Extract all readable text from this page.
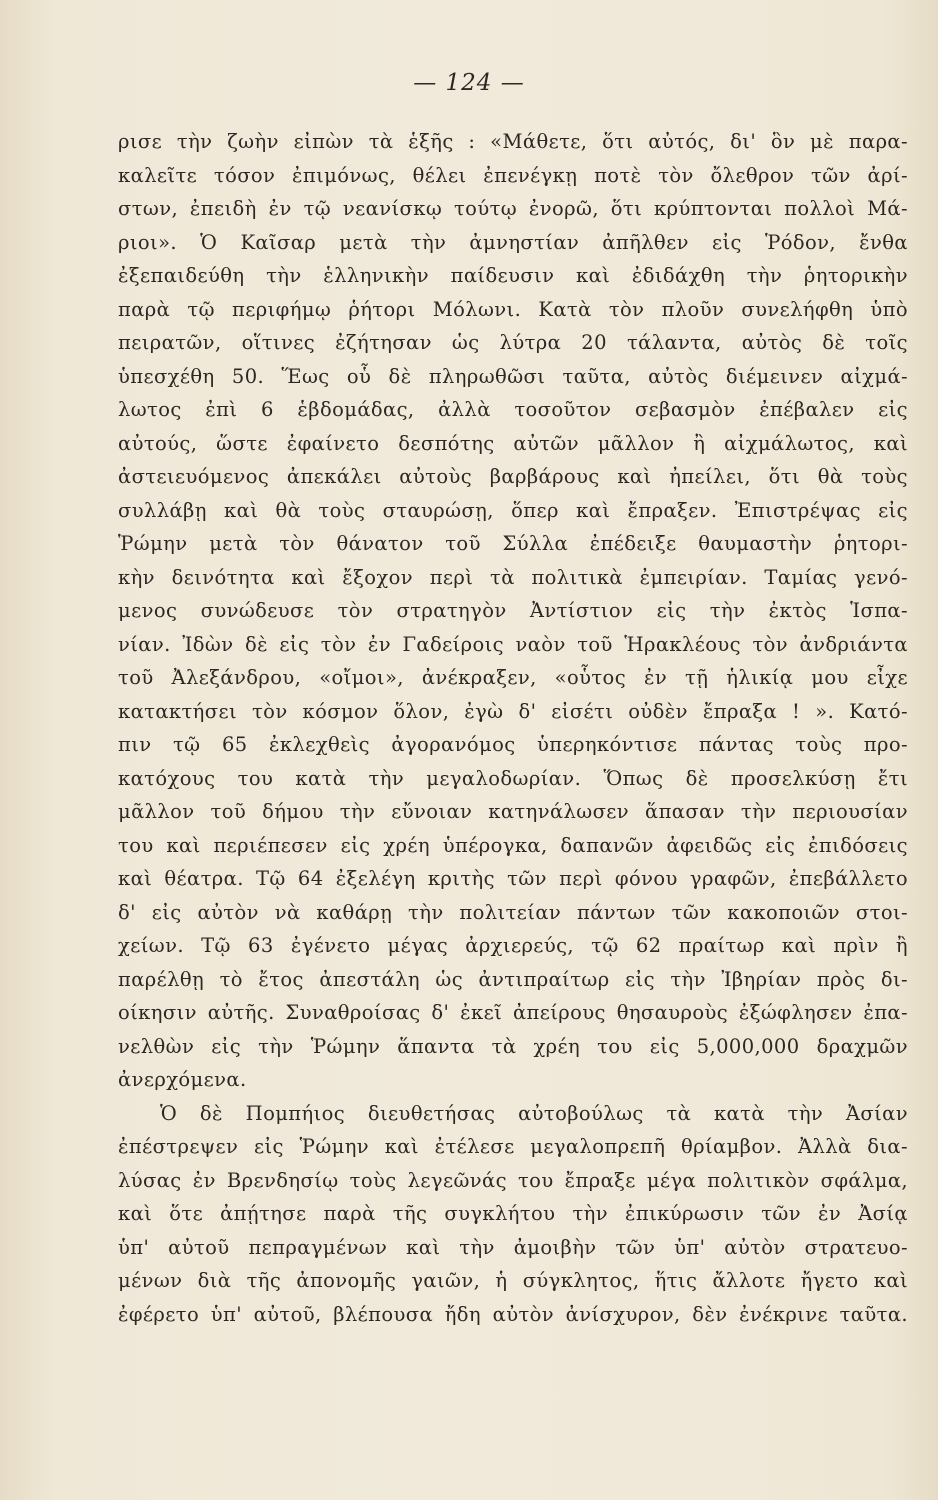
— 124 —
ρισε τὴν ζωὴν εἰπὼν τὰ ἑξῆς : «Μάθετε, ὅτι αὐτός, δι' ὃν μὲ παρα-
καλεῖτε τόσον ἐπιμόνως, θέλει ἐπενέγκῃ ποτὲ τὸν ὄλεθρον τῶν ἀρί-
στων, ἐπειδὴ ἐν τῷ νεανίσκῳ τούτῳ ἐνορῶ, ὅτι κρύπτονται πολλοὶ Μά-
ριοι». Ὁ Καῖσαρ μετὰ τὴν ἀμνηστίαν ἀπῆλθεν εἰς Ῥόδον, ἔνθα
ἐξεπαιδεύθη τὴν ἑλληνικὴν παίδευσιν καὶ ἐδιδάχθη τὴν ῥητορικὴν
παρὰ τῷ περιφήμῳ ῥήτορι Μόλωνι. Κατὰ τὸν πλοῦν συνελήφθη ὑπὸ
πειρατῶν, οἵτινες ἐζήτησαν ὡς λύτρα 20 τάλαντα, αὐτὸς δὲ τοῖς
ὑπεσχέθη 50. Ἕως οὗ δὲ πληρωθῶσι ταῦτα, αὐτὸς διέμεινεν αἰχμά-
λωτος ἐπὶ 6 ἑβδομάδας, ἀλλὰ τοσοῦτον σεβασμὸν ἐπέβαλεν εἰς
αὐτούς, ὥστε ἐφαίνετο δεσπότης αὐτῶν μᾶλλον ἢ αἰχμάλωτος, καὶ
ἀστειευόμενος ἀπεκάλει αὐτοὺς βαρβάρους καὶ ἠπείλει, ὅτι θὰ τοὺς
συλλάβῃ καὶ θὰ τοὺς σταυρώσῃ, ὅπερ καὶ ἔπραξεν. Ἐπιστρέψας εἰς
Ῥώμην μετὰ τὸν θάνατον τοῦ Σύλλα ἐπέδειξε θαυμαστὴν ῥητορι-
κὴν δεινότητα καὶ ἔξοχον περὶ τὰ πολιτικὰ ἐμπειρίαν. Ταμίας γενό-
μενος συνώδευσε τὸν στρατηγὸν Ἀντίστιον εἰς τὴν ἐκτὸς Ἱσπα-
νίαν. Ἰδὼν δὲ εἰς τὸν ἐν Γαδείροις ναὸν τοῦ Ἡρακλέους τὸν ἀνδριάντα
τοῦ Ἀλεξάνδρου, «οἴμοι», ἀνέκραξεν, «οὗτος ἐν τῇ ἡλικίᾳ μου εἶχε
κατακτήσει τὸν κόσμον ὅλον, ἐγὼ δ' εἰσέτι οὐδὲν ἔπραξα ! ». Κατό-
πιν τῷ 65 ἐκλεχθεὶς ἀγορανόμος ὑπερηκόντισε πάντας τοὺς προ-
κατόχους του κατὰ τὴν μεγαλοδωρίαν. Ὅπως δὲ προσελκύσῃ ἔτι
μᾶλλον τοῦ δήμου τὴν εὔνοιαν κατηνάλωσεν ἅπασαν τὴν περιουσίαν
του καὶ περιέπεσεν εἰς χρέη ὑπέρογκα, δαπανῶν ἀφειδῶς εἰς ἐπιδόσεις
καὶ θέατρα. Τῷ 64 ἐξελέγη κριτὴς τῶν περὶ φόνου γραφῶν, ἐπεβάλλετο
δ' εἰς αὐτὸν νὰ καθάρῃ τὴν πολιτείαν πάντων τῶν κακοποιῶν στοι-
χείων. Τῷ 63 ἐγένετο μέγας ἀρχιερεύς, τῷ 62 πραίτωρ καὶ πρὶν ἢ
παρέλθῃ τὸ ἔτος ἀπεστάλη ὡς ἀντιπραίτωρ εἰς τὴν Ἰβηρίαν πρὸς δι-
οίκησιν αὐτῆς. Συναθροίσας δ' ἐκεῖ ἀπείρους θησαυροὺς ἐξώφλησεν ἐπα-
νελθὼν εἰς τὴν Ῥώμην ἅπαντα τὰ χρέη του εἰς 5,000,000 δραχμῶν
ἀνερχόμενα.
Ὁ δὲ Πομπήιος διευθετήσας αὐτοβούλως τὰ κατὰ τὴν Ἀσίαν
ἐπέστρεψεν εἰς Ῥώμην καὶ ἐτέλεσε μεγαλοπρεπῆ θρίαμβον. Ἀλλὰ δια-
λύσας ἐν Βρενδησίῳ τοὺς λεγεῶνάς του ἔπραξε μέγα πολιτικὸν σφάλμα,
καὶ ὅτε ἀπῄτησε παρὰ τῆς συγκλήτου τὴν ἐπικύρωσιν τῶν ἐν Ἀσίᾳ
ὑπ' αὐτοῦ πεπραγμένων καὶ τὴν ἀμοιβὴν τῶν ὑπ' αὐτὸν στρατευο-
μένων διὰ τῆς ἀπονομῆς γαιῶν, ἡ σύγκλητος, ἥτις ἄλλοτε ἤγετο καὶ
ἐφέρετο ὑπ' αὐτοῦ, βλέπουσα ἤδη αὐτὸν ἀνίσχυρον, δὲν ἐνέκρινε ταῦτα.
